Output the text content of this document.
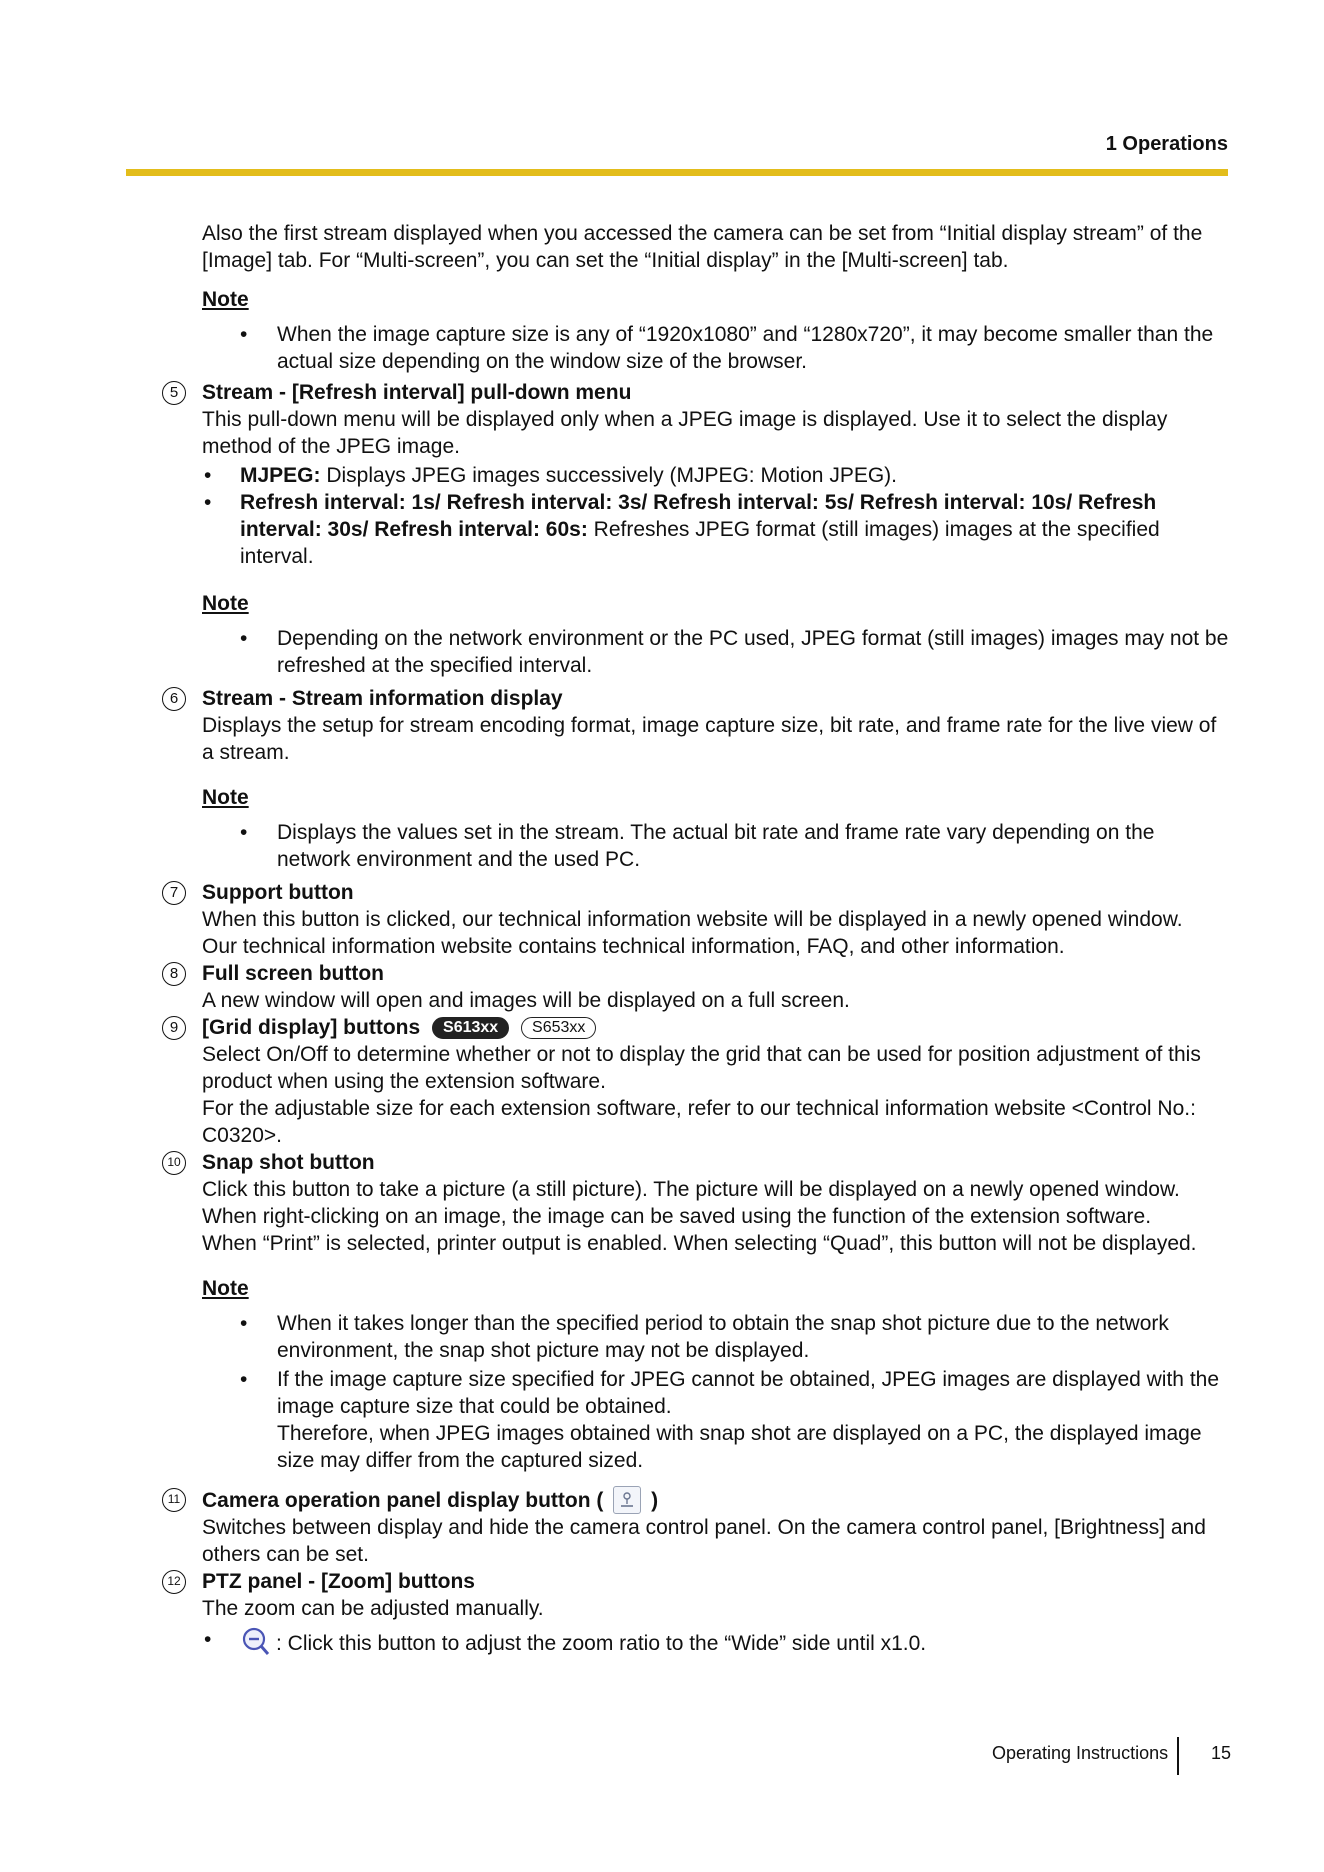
1 Operations

Also the first stream displayed when you accessed the camera can be set from “Initial display stream” of the [Image] tab. For “Multi-screen”, you can set the “Initial display” in the [Multi-screen] tab.

Note
• When the image capture size is any of “1920x1080” and “1280x720”, it may become smaller than the actual size depending on the window size of the browser.
5	Stream - [Refresh interval] pull-down menu

This pull-down menu will be displayed only when a JPEG image is displayed. Use it to select the display method of the JPEG image.

• MJPEG: Displays JPEG images successively (MJPEG: Motion JPEG).
• Refresh interval: 1s/ Refresh interval: 3s/ Refresh interval: 5s/ Refresh interval: 10s/ Refresh interval: 30s/ Refresh interval: 60s: Refreshes JPEG format (still images) images at the specified interval.
Note
• Depending on the network environment or the PC used, JPEG format (still images) images may not be refreshed at the specified interval.
6	Stream - Stream information display

Displays the setup for stream encoding format, image capture size, bit rate, and frame rate for the live view of a stream.

Note
• Displays the values set in the stream. The actual bit rate and frame rate vary depending on the network environment and the used PC.
7	Support button

When this button is clicked, our technical information website will be displayed in a newly opened window.

Our technical information website contains technical information, FAQ, and other information.

8	Full screen button

A new window will open and images will be displayed on a full screen.

9	[Grid display] buttons S613xx S653xx

Select On/Off to determine whether or not to display the grid that can be used for position adjustment of this product when using the extension software.

For the adjustable size for each extension software, refer to our technical information website <Control No.: C0320>.

10 Snap shot button

Click this button to take a picture (a still picture). The picture will be displayed on a newly opened window.

When right-clicking on an image, the image can be saved using the function of the extension software.

When “Print” is selected, printer output is enabled. When selecting “Quad”, this button will not be displayed.

Note
• When it takes longer than the specified period to obtain the snap shot picture due to the network environment, the snap shot picture may not be displayed.
• If the image capture size specified for JPEG cannot be obtained, JPEG images are displayed with the image capture size that could be obtained.
Therefore, when JPEG images obtained with snap shot are displayed on a PC, the displayed image size may differ from the captured sized.
11 Camera operation panel display button ( )

Switches between display and hide the camera control panel. On the camera control panel, [Brightness] and others can be set.

12 PTZ panel - [Zoom] buttons

The zoom can be adjusted manually.

•	: Click this button to adjust the zoom ratio to the “Wide” side until x1.0.
Operating Instructions 15
